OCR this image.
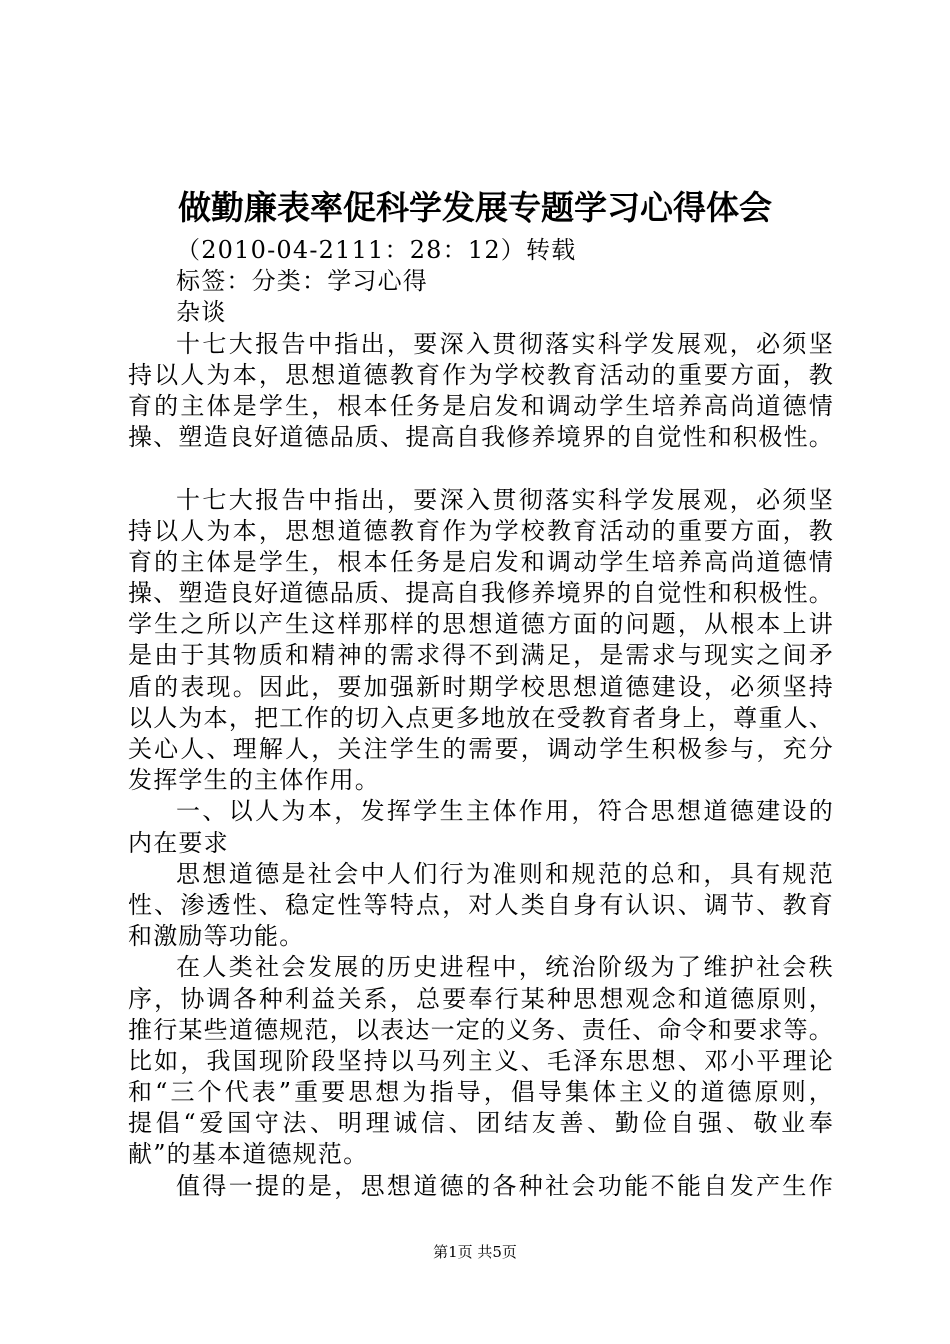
做勤廉表率促科学发展专题学习心得体会
（2010-04-2111：28：12）转载
标签：分类：学习心得
杂谈
十七大报告中指出，要深入贯彻落实科学发展观，必须坚
持以人为本，思想道德教育作为学校教育活动的重要方面，教
育的主体是学生，根本任务是启发和调动学生培养高尚道德情
操、塑造良好道德品质、提高自我修养境界的自觉性和积极性。
十七大报告中指出，要深入贯彻落实科学发展观，必须坚
持以人为本，思想道德教育作为学校教育活动的重要方面，教
育的主体是学生，根本任务是启发和调动学生培养高尚道德情
操、塑造良好道德品质、提高自我修养境界的自觉性和积极性。
学生之所以产生这样那样的思想道德方面的问题，从根本上讲
是由于其物质和精神的需求得不到满足，是需求与现实之间矛
盾的表现。因此，要加强新时期学校思想道德建设，必须坚持
以人为本，把工作的切入点更多地放在受教育者身上，尊重人、
关心人、理解人，关注学生的需要，调动学生积极参与，充分
发挥学生的主体作用。
一、以人为本，发挥学生主体作用，符合思想道德建设的
内在要求
思想道德是社会中人们行为准则和规范的总和，具有规范
性、渗透性、稳定性等特点，对人类自身有认识、调节、教育
和激励等功能。
在人类社会发展的历史进程中，统治阶级为了维护社会秩
序，协调各种利益关系，总要奉行某种思想观念和道德原则，
推行某些道德规范，以表达一定的义务、责任、命令和要求等。
比如，我国现阶段坚持以马列主义、毛泽东思想、邓小平理论
和“三个代表”重要思想为指导，倡导集体主义的道德原则，
提倡“爱国守法、明理诚信、团结友善、勤俭自强、敬业奉
献”的基本道德规范。
值得一提的是，思想道德的各种社会功能不能自发产生作
第1页 共5页
